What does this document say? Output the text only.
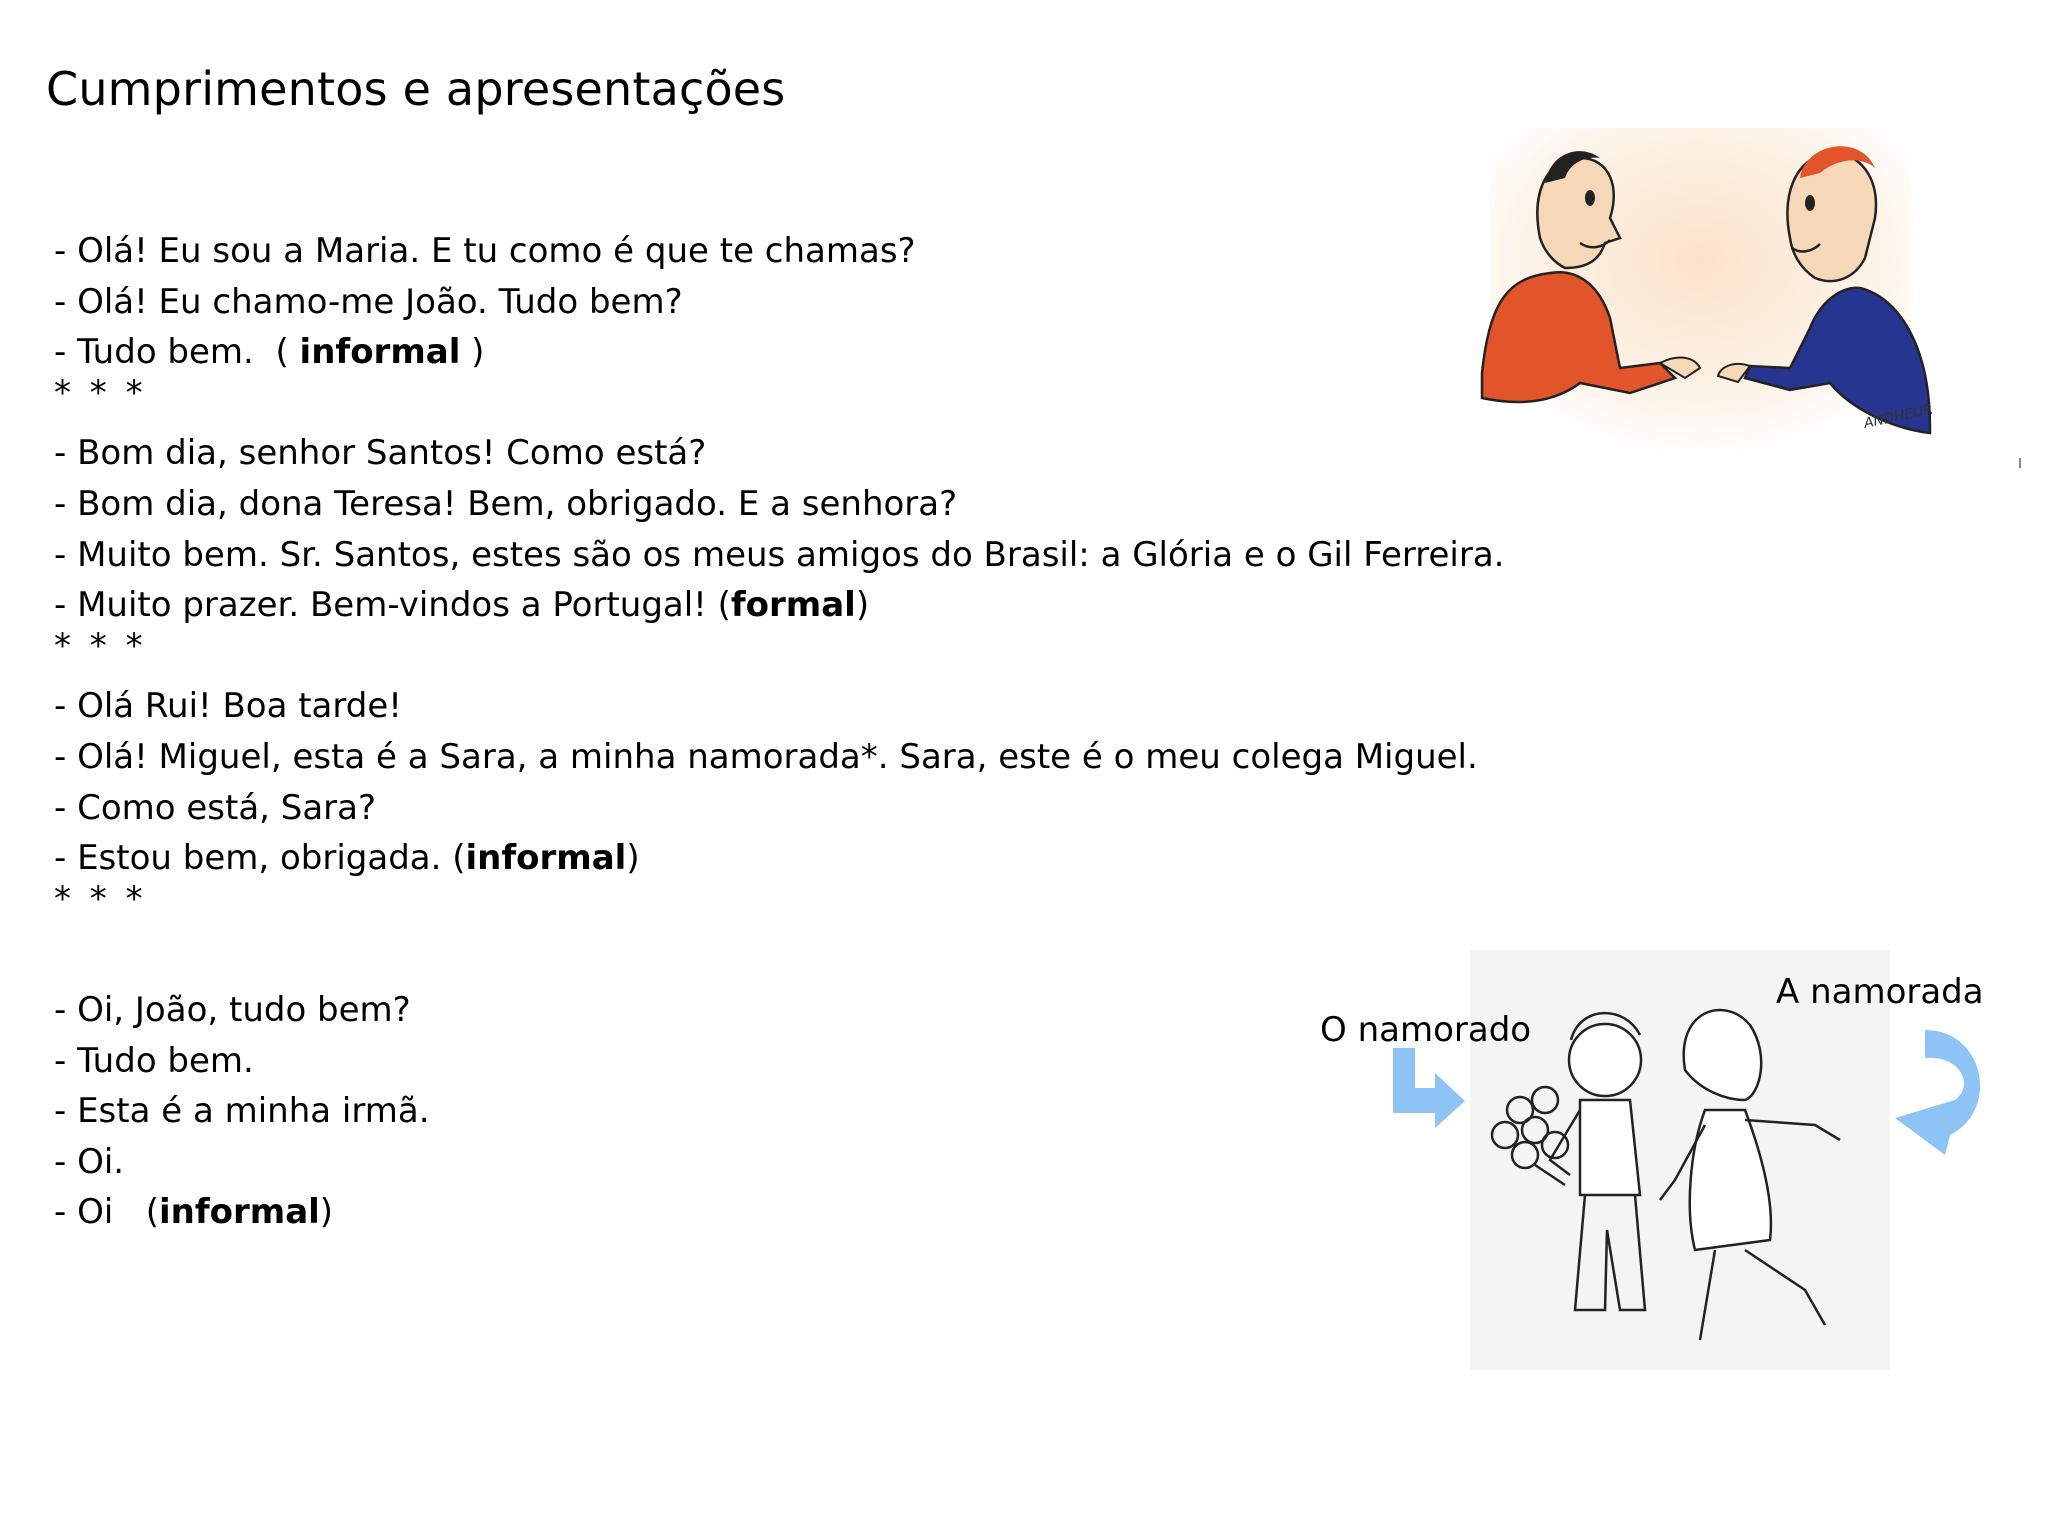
Cumprimentos e apresentações
- Olá! Eu sou a Maria. E tu como é que te chamas?
- Olá! Eu chamo-me João. Tudo bem?
- Tudo bem.  ( informal )
* * *
- Bom dia, senhor Santos! Como está?
- Bom dia, dona Teresa! Bem, obrigado. E a senhora?
- Muito bem. Sr. Santos, estes são os meus amigos do Brasil: a Glória e o Gil Ferreira.
- Muito prazer. Bem-vindos a Portugal! (formal)
* * *
- Olá Rui! Boa tarde!
- Olá! Miguel, esta é a Sara, a minha namorada*. Sara, este é o meu colega Miguel.
- Como está, Sara?
- Estou bem, obrigada. (informal)
* * *
- Oi, João, tudo bem?
- Tudo bem.
- Esta é a minha irmã.
- Oi.
- Oi   (informal)
ANDHEUR
O namorado
A namorada
